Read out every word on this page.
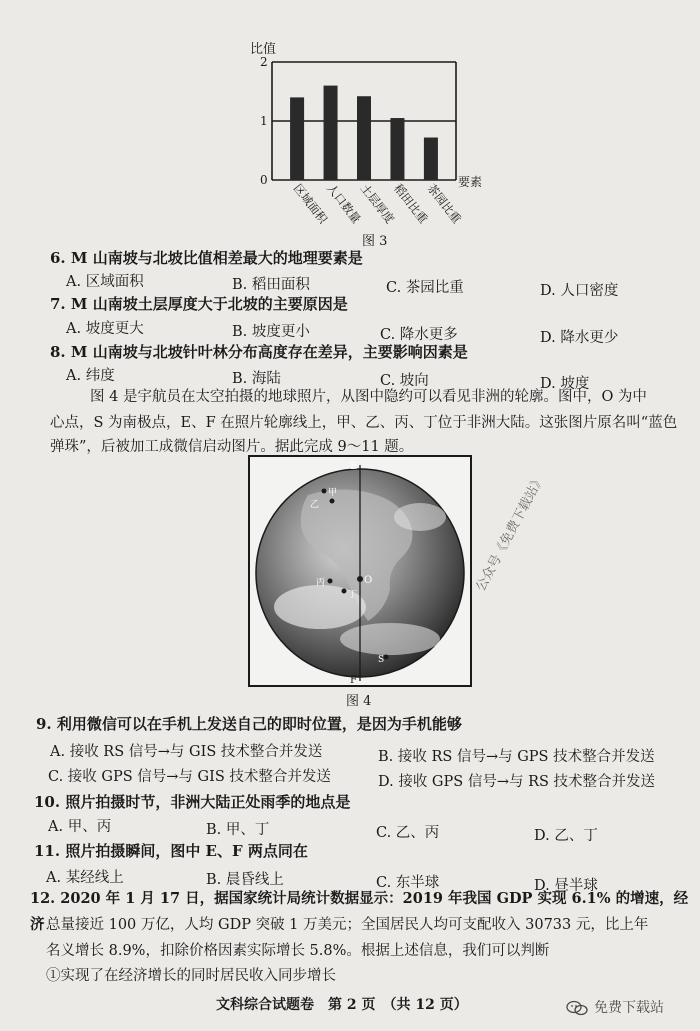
比值
0
1
2
区域面积
人口数量
土层厚度
稻田比重
茶园比重
要素
图 3
6. M 山南坡与北坡比值相差最大的地理要素是
A. 区域面积	B. 稻田面积	C. 茶园比重	D. 人口密度
7. M 山南坡土层厚度大于北坡的主要原因是
A. 坡度更大	B. 坡度更小	C. 降水更多	D. 降水更少
8. M 山南坡与北坡针叶林分布高度存在差异，主要影响因素是
A. 纬度	B. 海陆	C. 坡向	D. 坡度
图 4 是宇航员在太空拍摄的地球照片，从图中隐约可以看见非洲的轮廓。图中，O 为中
心点，S 为南极点，E、F 在照片轮廓线上，甲、乙、丙、丁位于非洲大陆。这张图片原名叫“蓝色
弹珠”，后被加工成微信启动图片。据此完成 9～11 题。
E
F
O
S
甲
乙
丙
丁
图 4
公众号《免费下载站》
9. 利用微信可以在手机上发送自己的即时位置，是因为手机能够
A. 接收 RS 信号→与 GIS 技术整合并发送	B. 接收 RS 信号→与 GPS 技术整合并发送
C. 接收 GPS 信号→与 GIS 技术整合并发送	D. 接收 GPS 信号→与 RS 技术整合并发送
10. 照片拍摄时节，非洲大陆正处雨季的地点是
A. 甲、丙	B. 甲、丁	C. 乙、丙	D. 乙、丁
11. 照片拍摄瞬间，图中 E、F 两点同在
A. 某经线上	B. 晨昏线上	C. 东半球	D. 昼半球
12. 2020 年 1 月 17 日，据国家统计局统计数据显示：2019 年我国 GDP 实现 6.1% 的增速，经济 总量接近 100 万亿，人均 GDP 突破 1 万美元；全国居民人均可支配收入 30733 元，比上年
名义增长 8.9%，扣除价格因素实际增长 5.8%。根据上述信息，我们可以判断
①实现了在经济增长的同时居民收入同步增长
文科综合试题卷　第 2 页　（共 12 页）	免费下载站
